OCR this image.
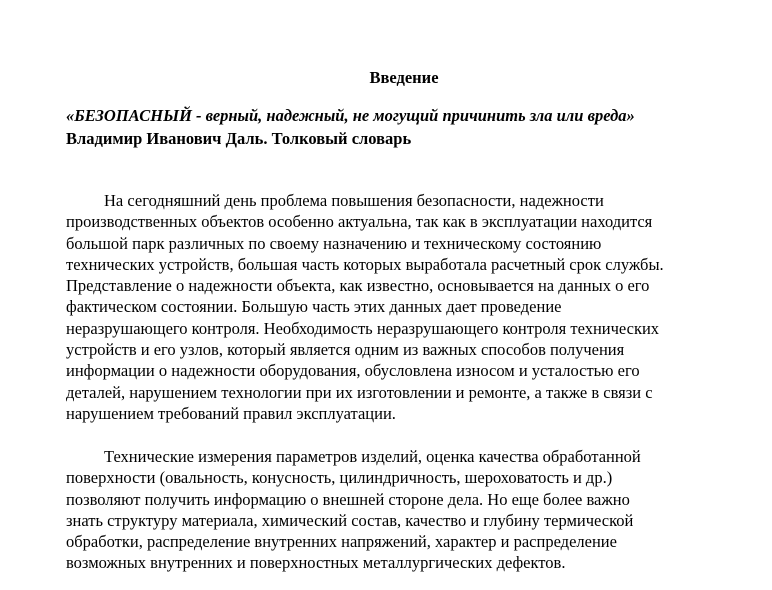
Введение
«БЕЗОПАСНЫЙ - верный, надежный, не могущий причинить зла или вреда»
Владимир Иванович Даль. Толковый словарь
На сегодняшний день проблема повышения безопасности, надежности
производственных объектов особенно актуальна, так как в эксплуатации находится
большой парк различных по своему назначению и техническому состоянию
технических устройств, большая часть которых выработала расчетный срок службы.
Представление о надежности объекта, как известно, основывается на данных о его
фактическом состоянии. Большую часть этих данных дает проведение
неразрушающего контроля. Необходимость неразрушающего контроля технических
устройств и его узлов, который является одним из важных способов получения
информации о надежности оборудования, обусловлена износом и усталостью его
деталей, нарушением технологии при их изготовлении и ремонте, а также в связи с
нарушением требований правил эксплуатации.
Технические измерения параметров изделий, оценка качества обработанной
поверхности (овальность, конусность, цилиндричность, шероховатость и др.)
позволяют получить информацию о внешней стороне дела. Но еще более важно
знать структуру материала, химический состав, качество и глубину термической
обработки, распределение внутренних напряжений, характер и распределение
возможных внутренних и поверхностных металлургических дефектов.
